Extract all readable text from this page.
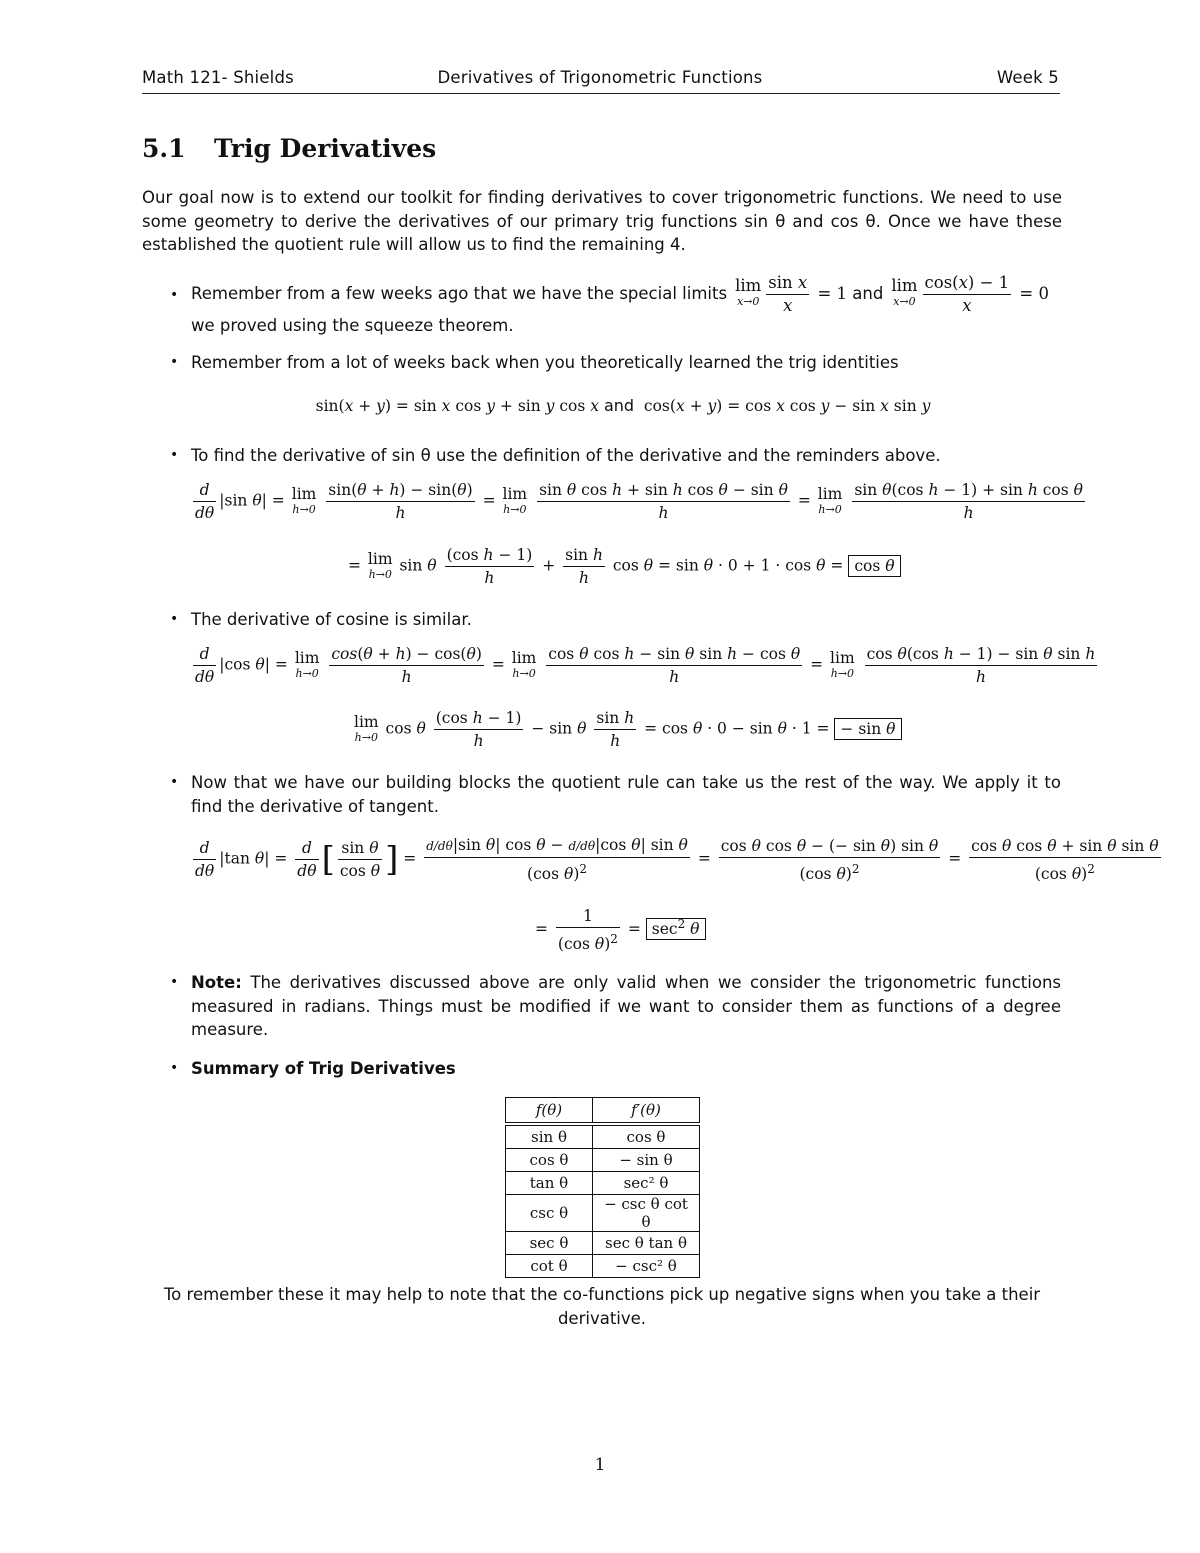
Math 121- Shields	Derivatives of Trigonometric Functions	Week 5
5.1 Trig Derivatives
Our goal now is to extend our toolkit for finding derivatives to cover trigonometric functions. We need to use some geometry to derive the derivatives of our primary trig functions sin θ and cos θ. Once we have these established the quotient rule will allow us to find the remaining 4.
• Remember from a few weeks ago that we have the special limits lim
$x\to 0 \frac{\text{sin x}}{x} = 1$ and lim
$x\to 0 \frac{\cos(x) - 1}{x} = 0$
we proved using the squeeze theorem.
• Remember from a lot of weeks back when you theoretically learned the trig identities
sin(x + y) = sin x cos y + sin y cos x and  cos(x + y) = cos x cos y − sin x sin y
• To find the derivative of sin θ use the definition of the derivative and the reminders above.
$\frac{d}{d\theta} |\sin$ θ| = lim
h→0
$\frac{\sin(\theta + h) - \sin(\theta)}{h} = \lim$
h→0
$\frac{\text{sin θ cos h + sin h cos θ − sin θ}}{h} = \lim$
h→0
$\frac{\text{sin θ(cos h − 1) + sin h cos θ}}{h}$
= lim
h→0 sin θ $\frac{\text{(cos h − 1)}}{h} + \frac{\text{sin h}}{h}$ cos θ = sin θ · 0 + 1 · cos θ = cos θ
• The derivative of cosine is similar.
$\frac{d}{d\theta} |\cos$ θ| = lim
h→0
$\frac{\cos(\theta + h) - \cos(\theta)}{h} = \lim$
h→0
$\frac{\text{cos θ cos h − sin θ sin h − cos θ}}{h} = \lim$
h→0
$\frac{\text{cos θ(cos h − 1) − sin θ sin h}}{h}$
lim
h→0 cos θ $\frac{\text{(cos h − 1)}}{h} - \sin \theta \frac{\text{sin h}}{h} = \cos \theta \cdot 0 - \sin \theta \cdot 1$ = − sin θ
• Now that we have our building blocks the quotient rule can take us the rest of the way. We apply it to find the derivative of tangent.
$\frac{d}{d\theta} |\tan$ $\theta| = \frac{d}{d\theta}$ [ $\frac{\text{sin θ}}{\text{cos θ}}$ ] = $\frac{\text{d/dθ|sin θ| cos θ − d/dθ|cos θ| sin θ}}{(\cos \theta)^2} = \frac{\text{cos θ cos θ − (− sin θ) sin θ}}{(\cos \theta)^2} = \frac{\text{cos θ cos θ + sin θ sin θ}}{(\cos \theta)^2}$
= $\frac{1}{(\cos \theta)^2} = \sec^2 \theta$
• Note: The derivatives discussed above are only valid when we consider the trigonometric functions measured in radians. Things must be modified if we want to consider them as functions of a degree measure.
• Summary of Trig Derivatives
f(θ)	f′(θ)

sin θ	cos θ
cos θ	− sin θ
tan θ	sec² θ
csc θ	− csc θ cot θ
sec θ	sec θ tan θ
cot θ	− csc² θ
To remember these it may help to note that the co-functions pick up negative signs when you take a their derivative.
1
